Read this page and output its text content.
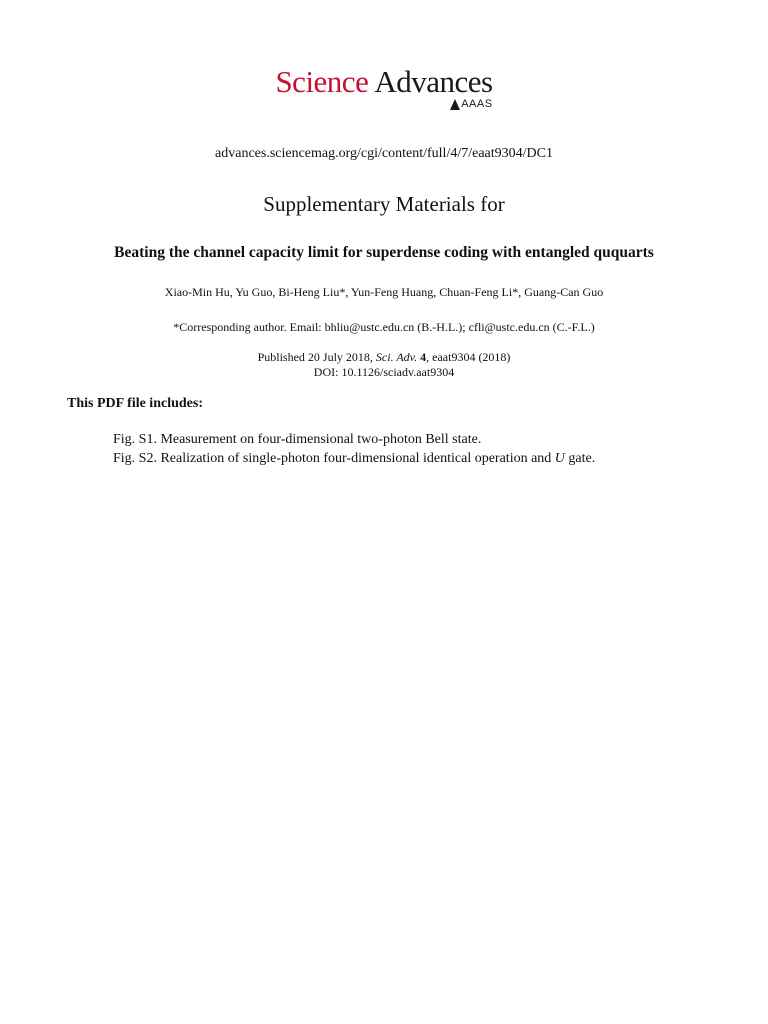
Science Advances
AAAS
advances.sciencemag.org/cgi/content/full/4/7/eaat9304/DC1
Supplementary Materials for
Beating the channel capacity limit for superdense coding with entangled ququarts
Xiao-Min Hu, Yu Guo, Bi-Heng Liu*, Yun-Feng Huang, Chuan-Feng Li*, Guang-Can Guo
*Corresponding author. Email: bhliu@ustc.edu.cn (B.-H.L.); cfli@ustc.edu.cn (C.-F.L.)
Published 20 July 2018, Sci. Adv. 4, eaat9304 (2018)
DOI: 10.1126/sciadv.aat9304
This PDF file includes:
Fig. S1. Measurement on four-dimensional two-photon Bell state.
Fig. S2. Realization of single-photon four-dimensional identical operation and U gate.
